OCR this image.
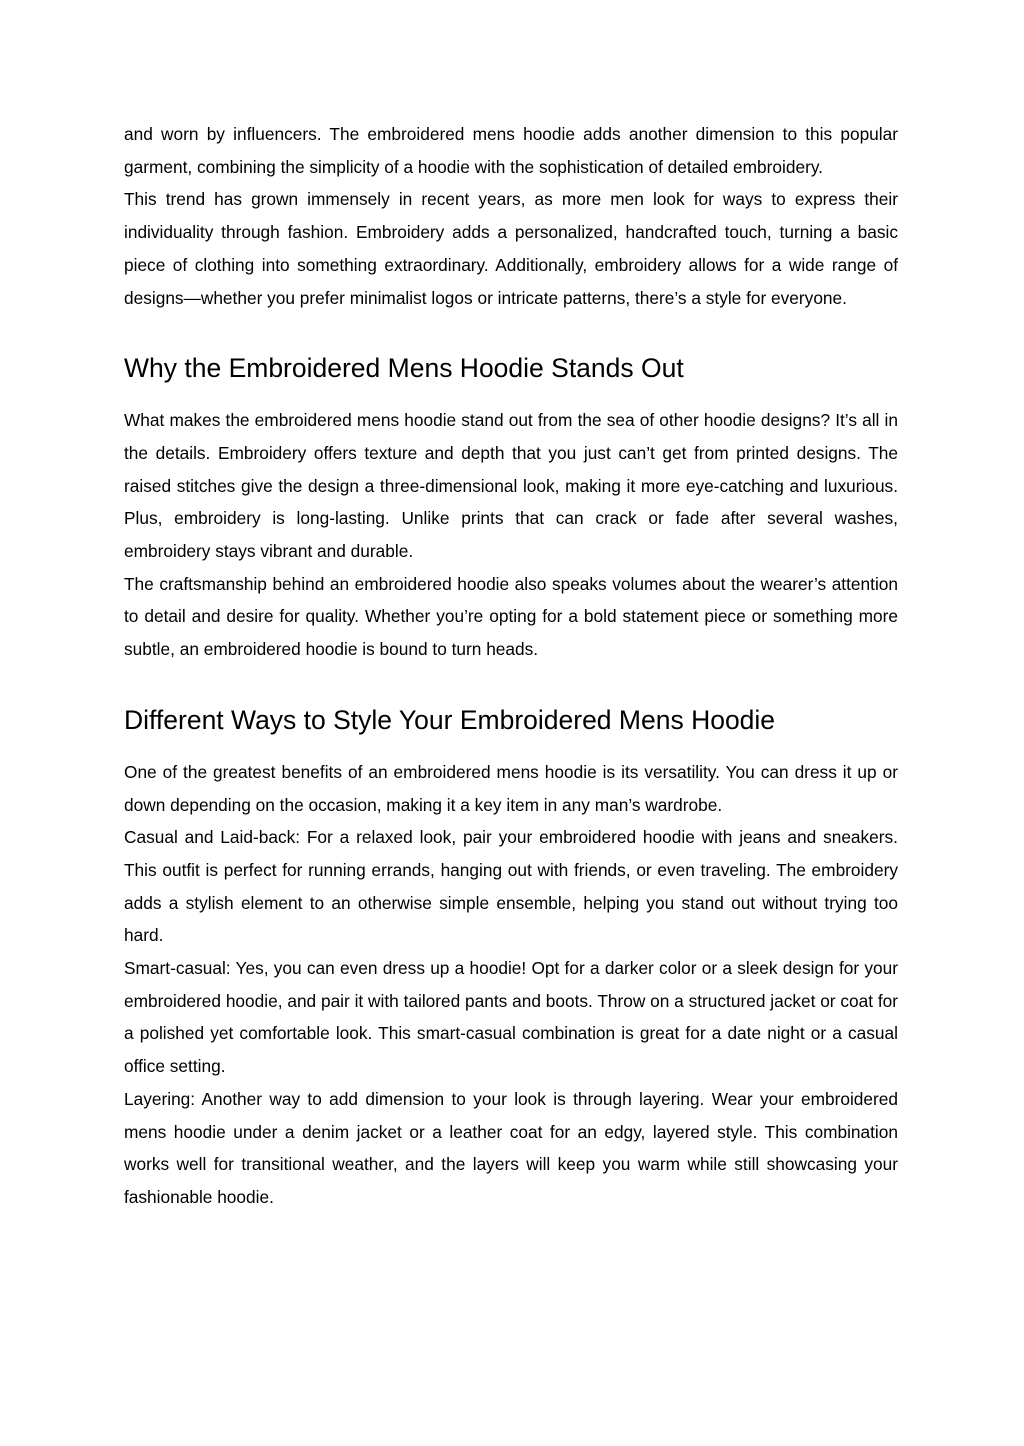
and worn by influencers. The embroidered mens hoodie adds another dimension to this popular garment, combining the simplicity of a hoodie with the sophistication of detailed embroidery.

This trend has grown immensely in recent years, as more men look for ways to express their individuality through fashion. Embroidery adds a personalized, handcrafted touch, turning a basic piece of clothing into something extraordinary. Additionally, embroidery allows for a wide range of designs—whether you prefer minimalist logos or intricate patterns, there’s a style for everyone.

Why the Embroidered Mens Hoodie Stands Out

What makes the embroidered mens hoodie stand out from the sea of other hoodie designs? It’s all in the details. Embroidery offers texture and depth that you just can’t get from printed designs. The raised stitches give the design a three-dimensional look, making it more eye-catching and luxurious. Plus, embroidery is long-lasting. Unlike prints that can crack or fade after several washes, embroidery stays vibrant and durable.

The craftsmanship behind an embroidered hoodie also speaks volumes about the wearer’s attention to detail and desire for quality. Whether you’re opting for a bold statement piece or something more subtle, an embroidered hoodie is bound to turn heads.

Different Ways to Style Your Embroidered Mens Hoodie

One of the greatest benefits of an embroidered mens hoodie is its versatility. You can dress it up or down depending on the occasion, making it a key item in any man’s wardrobe.

Casual and Laid-back: For a relaxed look, pair your embroidered hoodie with jeans and sneakers. This outfit is perfect for running errands, hanging out with friends, or even traveling. The embroidery adds a stylish element to an otherwise simple ensemble, helping you stand out without trying too hard.

Smart-casual: Yes, you can even dress up a hoodie! Opt for a darker color or a sleek design for your embroidered hoodie, and pair it with tailored pants and boots. Throw on a structured jacket or coat for a polished yet comfortable look. This smart-casual combination is great for a date night or a casual office setting.

Layering: Another way to add dimension to your look is through layering. Wear your embroidered mens hoodie under a denim jacket or a leather coat for an edgy, layered style. This combination works well for transitional weather, and the layers will keep you warm while still showcasing your fashionable hoodie.
